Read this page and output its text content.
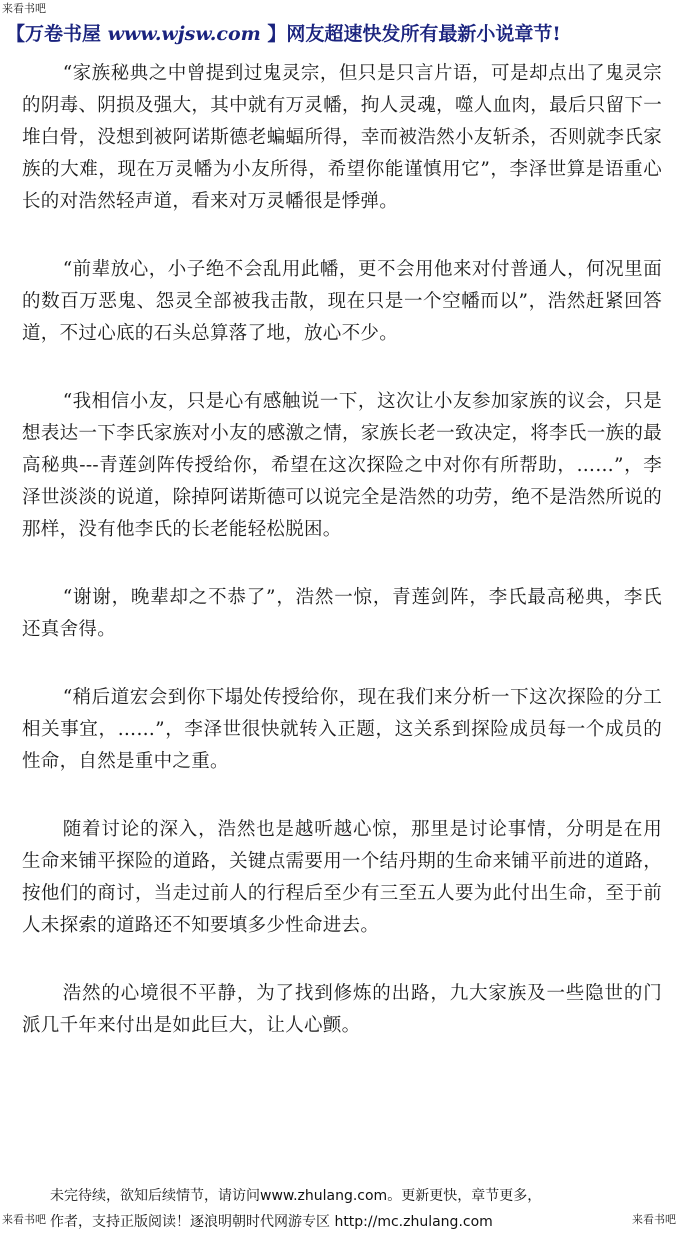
来看书吧
【万卷书屋 www.wjsw.com 】网友超速快发所有最新小说章节!

“家族秘典之中曾提到过鬼灵宗，但只是只言片语，可是却点出了鬼灵宗的阴毒、阴损及强大，其中就有万灵幡，拘人灵魂，噬人血肉，最后只留下一堆白骨，没想到被阿诺斯德老蝙蝠所得，幸而被浩然小友斩杀，否则就李氏家族的大难，现在万灵幡为小友所得，希望你能谨慎用它”，李泽世算是语重心长的对浩然轻声道，看来对万灵幡很是悸弹。

“前辈放心，小子绝不会乱用此幡，更不会用他来对付普通人，何况里面的数百万恶鬼、怨灵全部被我击散，现在只是一个空幡而以”，浩然赶紧回答道，不过心底的石头总算落了地，放心不少。

“我相信小友，只是心有感触说一下，这次让小友参加家族的议会，只是想表达一下李氏家族对小友的感激之情，家族长老一致决定，将李氏一族的最高秘典---青莲剑阵传授给你，希望在这次探险之中对你有所帮助，……”，李泽世淡淡的说道，除掉阿诺斯德可以说完全是浩然的功劳，绝不是浩然所说的那样，没有他李氏的长老能轻松脱困。

“谢谢，晚辈却之不恭了”，浩然一惊，青莲剑阵，李氏最高秘典，李氏还真舍得。

“稍后道宏会到你下塌处传授给你，现在我们来分析一下这次探险的分工相关事宜，……”，李泽世很快就转入正题，这关系到探险成员每一个成员的性命，自然是重中之重。

随着讨论的深入，浩然也是越听越心惊，那里是讨论事情，分明是在用生命来铺平探险的道路，关键点需要用一个结丹期的生命来铺平前进的道路，按他们的商讨，当走过前人的行程后至少有三至五人要为此付出生命，至于前人未探索的道路还不知要填多少性命进去。

浩然的心境很不平静，为了找到修炼的出路，九大家族及一些隐世的门派几千年来付出是如此巨大，让人心颤。

未完待续，欲知后续情节，请访问www.zhulang.com。更新更快，章节更多，
作者，支持正版阅读！逐浪明朝时代网游专区 http://mc.zhulang.com
来看书吧	来看书吧
